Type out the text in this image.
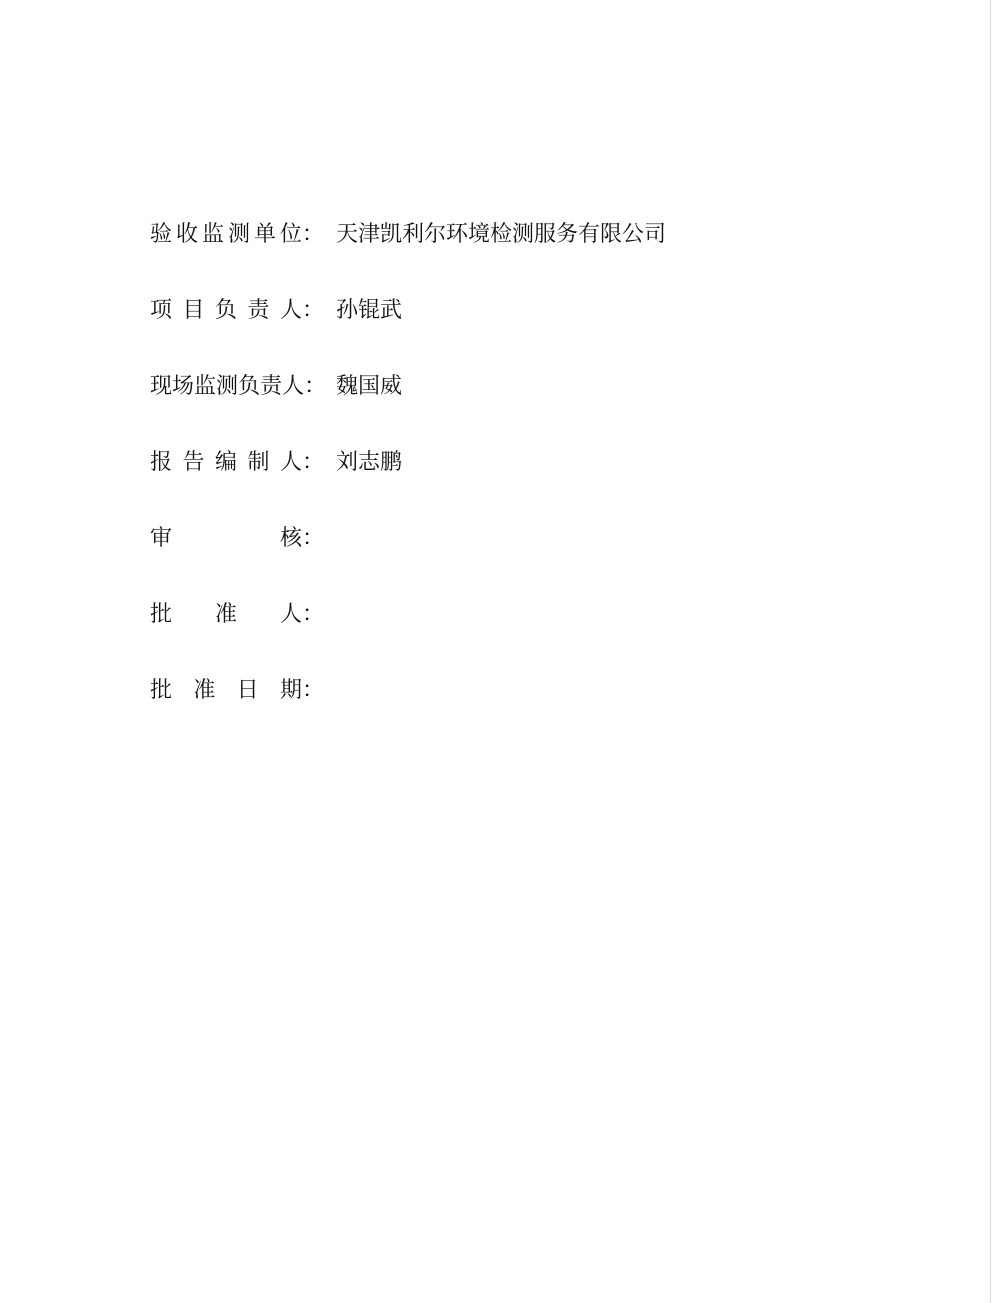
验 收 监 测 单 位： 天津凯利尔环境检测服务有限公司
项 目 负 责 人： 孙锟武
现 场 监 测 负 责 人： 魏国威
报 告 编 制 人： 刘志鹏
审	核：
批 准 人：
批 准 日 期：
